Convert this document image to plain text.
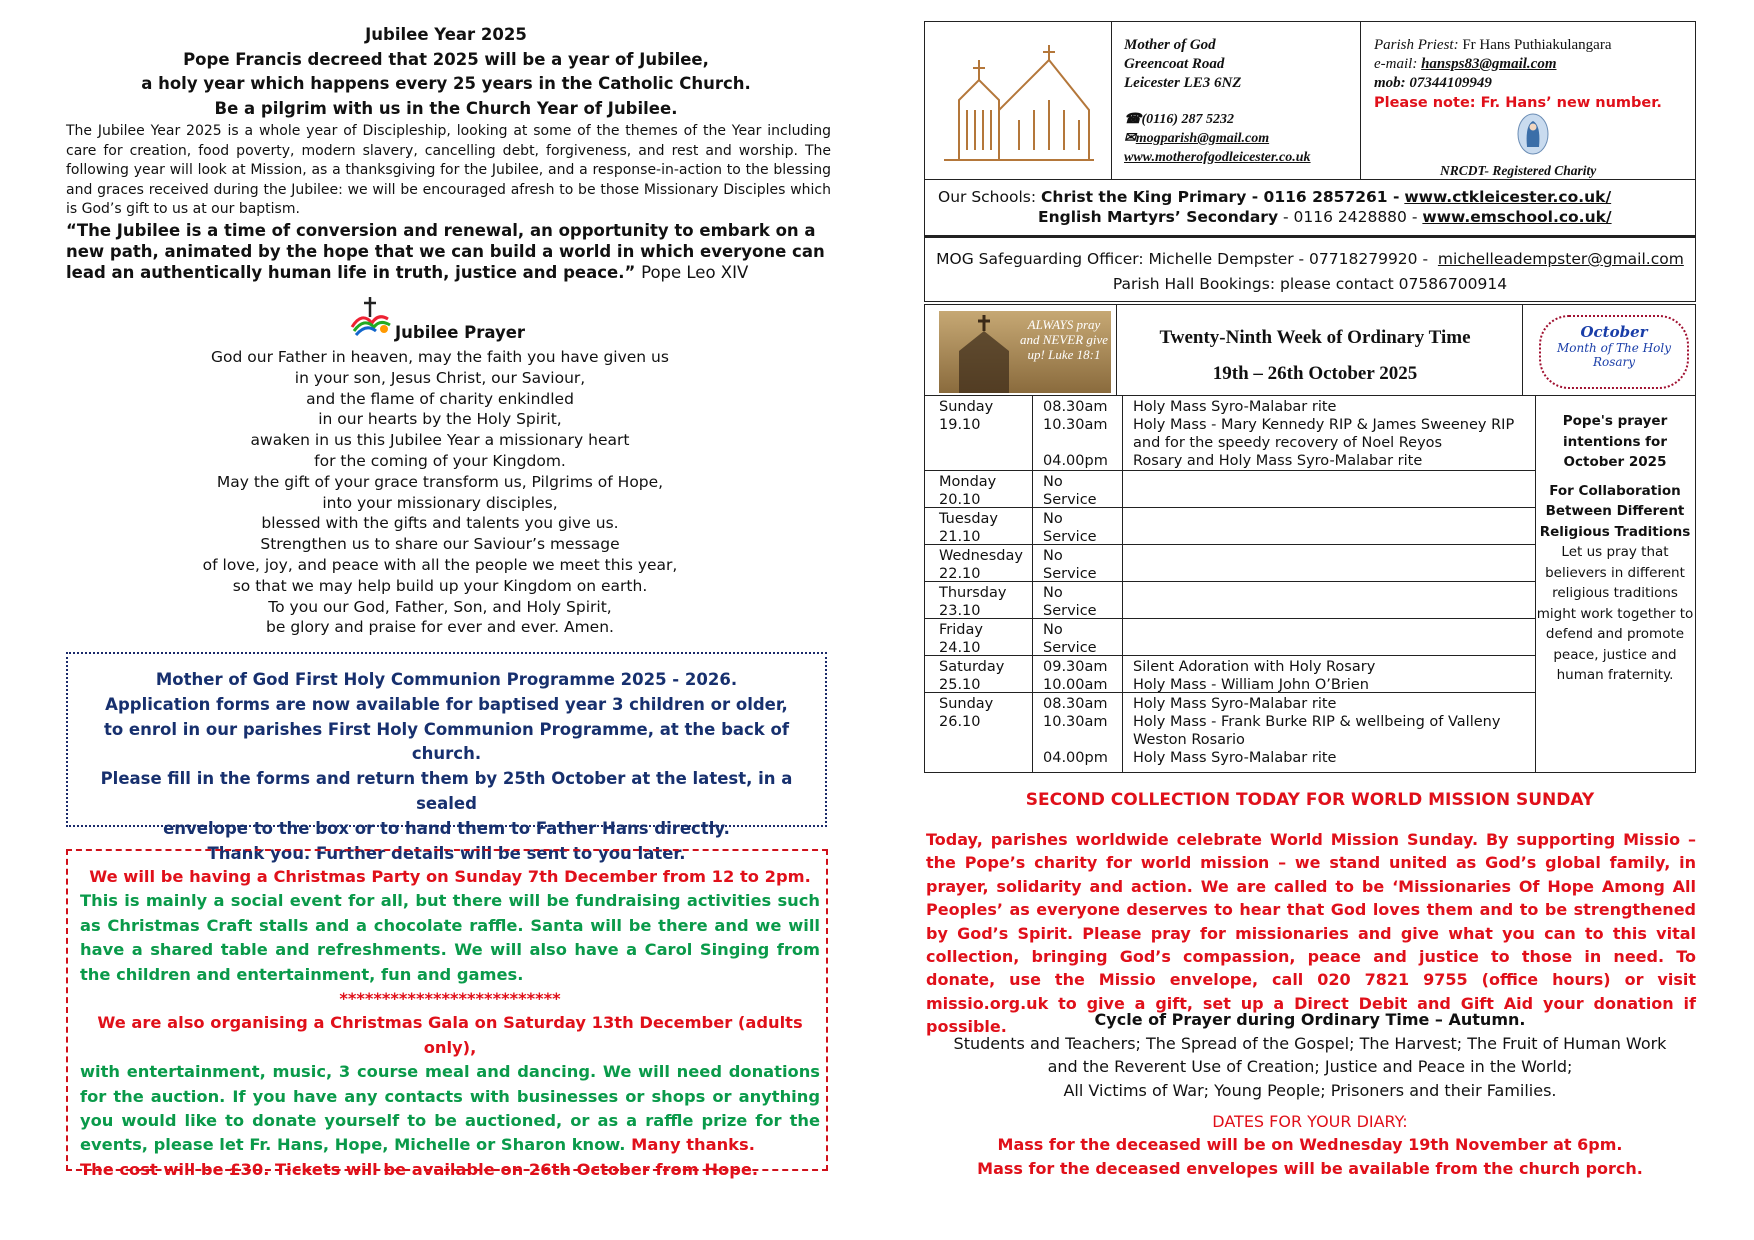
Jubilee Year 2025
Pope Francis decreed that 2025 will be a year of Jubilee,
a holy year which happens every 25 years in the Catholic Church.
Be a pilgrim with us in the Church Year of Jubilee.
The Jubilee Year 2025 is a whole year of Discipleship, looking at some of the themes of the Year including care for creation, food poverty, modern slavery, cancelling debt, forgiveness, and rest and worship. The following year will look at Mission, as a thanksgiving for the Jubilee, and a response-in-action to the blessing and graces received during the Jubilee: we will be encouraged afresh to be those Missionary Disciples which is God’s gift to us at our baptism.
“The Jubilee is a time of conversion and renewal, an opportunity to embark on a new path, animated by the hope that we can build a world in which everyone can lead an authentically human life in truth, justice and peace.” Pope Leo XIV
Jubilee Prayer
God our Father in heaven, may the faith you have given us
in your son, Jesus Christ, our Saviour,
and the flame of charity enkindled
in our hearts by the Holy Spirit,
awaken in us this Jubilee Year a missionary heart
for the coming of your Kingdom.
May the gift of your grace transform us, Pilgrims of Hope,
into your missionary disciples,
blessed with the gifts and talents you give us.
Strengthen us to share our Saviour’s message
of love, joy, and peace with all the people we meet this year,
so that we may help build up your Kingdom on earth.
To you our God, Father, Son, and Holy Spirit,
be glory and praise for ever and ever. Amen.
Mother of God First Holy Communion Programme 2025 - 2026.
Application forms are now available for baptised year 3 children or older,
to enrol in our parishes First Holy Communion Programme, at the back of church.
Please fill in the forms and return them by 25th October at the latest, in a sealed
envelope to the box or to hand them to Father Hans directly.
Thank you. Further details will be sent to you later.
We will be having a Christmas Party on Sunday 7th December from 12 to 2pm.
This is mainly a social event for all, but there will be fundraising activities such as Christmas Craft stalls and a chocolate raffle. Santa will be there and we will have a shared table and refreshments. We will also have a Carol Singing from the children and entertainment, fun and games.
**************************
We are also organising a Christmas Gala on Saturday 13th December (adults only),
with entertainment, music, 3 course meal and dancing. We will need donations for the auction. If you have any contacts with businesses or shops or anything you would like to donate yourself to be auctioned, or as a raffle prize for the events, please let Fr. Hans, Hope, Michelle or Sharon know. Many thanks.
The cost will be £30. Tickets will be available on 26th October from Hope.
Mother of God
Greencoat Road
Leicester LE3 6NZ
☎(0116) 287 5232
✉mogparish@gmail.com
www.motherofgodleicester.co.uk
Parish Priest: Fr Hans Puthiakulangara
e-mail: hansps83@gmail.com
mob: 07344109949
Please note: Fr. Hans’ new number.
NRCDT- Registered Charity
Our Schools: Christ the King Primary - 0116 2857261 - www.ctkleicester.co.uk/
English Martyrs’ Secondary - 0116 2428880 - www.emschool.co.uk/
MOG Safeguarding Officer: Michelle Dempster - 07718279920 - michelleadempster@gmail.com
Parish Hall Bookings: please contact 07586700914
ALWAYS pray and NEVER give up! Luke 18:1
October
Month of The Holy Rosary
Twenty-Ninth Week of Ordinary Time
19th – 26th October 2025
Sunday
19.10
08.30am
10.30am
04.00pm
Holy Mass Syro-Malabar rite
Holy Mass - Mary Kennedy RIP & James Sweeney RIP
and for the speedy recovery of Noel Reyos
Rosary and Holy Mass Syro-Malabar rite
Monday
20.10
No
Service
Tuesday
21.10
No
Service
Wednesday
22.10
No
Service
Thursday
23.10
No
Service
Friday
24.10
No
Service
Saturday
25.10
09.30am
10.00am
Silent Adoration with Holy Rosary
Holy Mass - William John O’Brien
Sunday
26.10
08.30am
10.30am
04.00pm
Holy Mass Syro-Malabar rite
Holy Mass - Frank Burke RIP & wellbeing of Valleny
Weston Rosario
Holy Mass Syro-Malabar rite
Pope's prayer intentions for October 2025
For Collaboration Between Different Religious Traditions
Let us pray that believers in different religious traditions might work together to defend and promote peace, justice and human fraternity.
SECOND COLLECTION TODAY FOR WORLD MISSION SUNDAY
Today, parishes worldwide celebrate World Mission Sunday. By supporting Missio – the Pope’s charity for world mission – we stand united as God’s global family, in prayer, solidarity and action. We are called to be ‘Missionaries Of Hope Among All Peoples’ as everyone deserves to hear that God loves them and to be strengthened by God’s Spirit. Please pray for missionaries and give what you can to this vital collection, bringing God’s compassion, peace and justice to those in need. To donate, use the Missio envelope, call 020 7821 9755 (office hours) or visit missio.org.uk to give a gift, set up a Direct Debit and Gift Aid your donation if possible.	Cycle of Prayer during Ordinary Time – Autumn.
Students and Teachers; The Spread of the Gospel; The Harvest; The Fruit of Human Work
and the Reverent Use of Creation; Justice and Peace in the World;
All Victims of War; Young People; Prisoners and their Families.
DATES FOR YOUR DIARY:
Mass for the deceased will be on Wednesday 19th November at 6pm.
Mass for the deceased envelopes will be available from the church porch.
